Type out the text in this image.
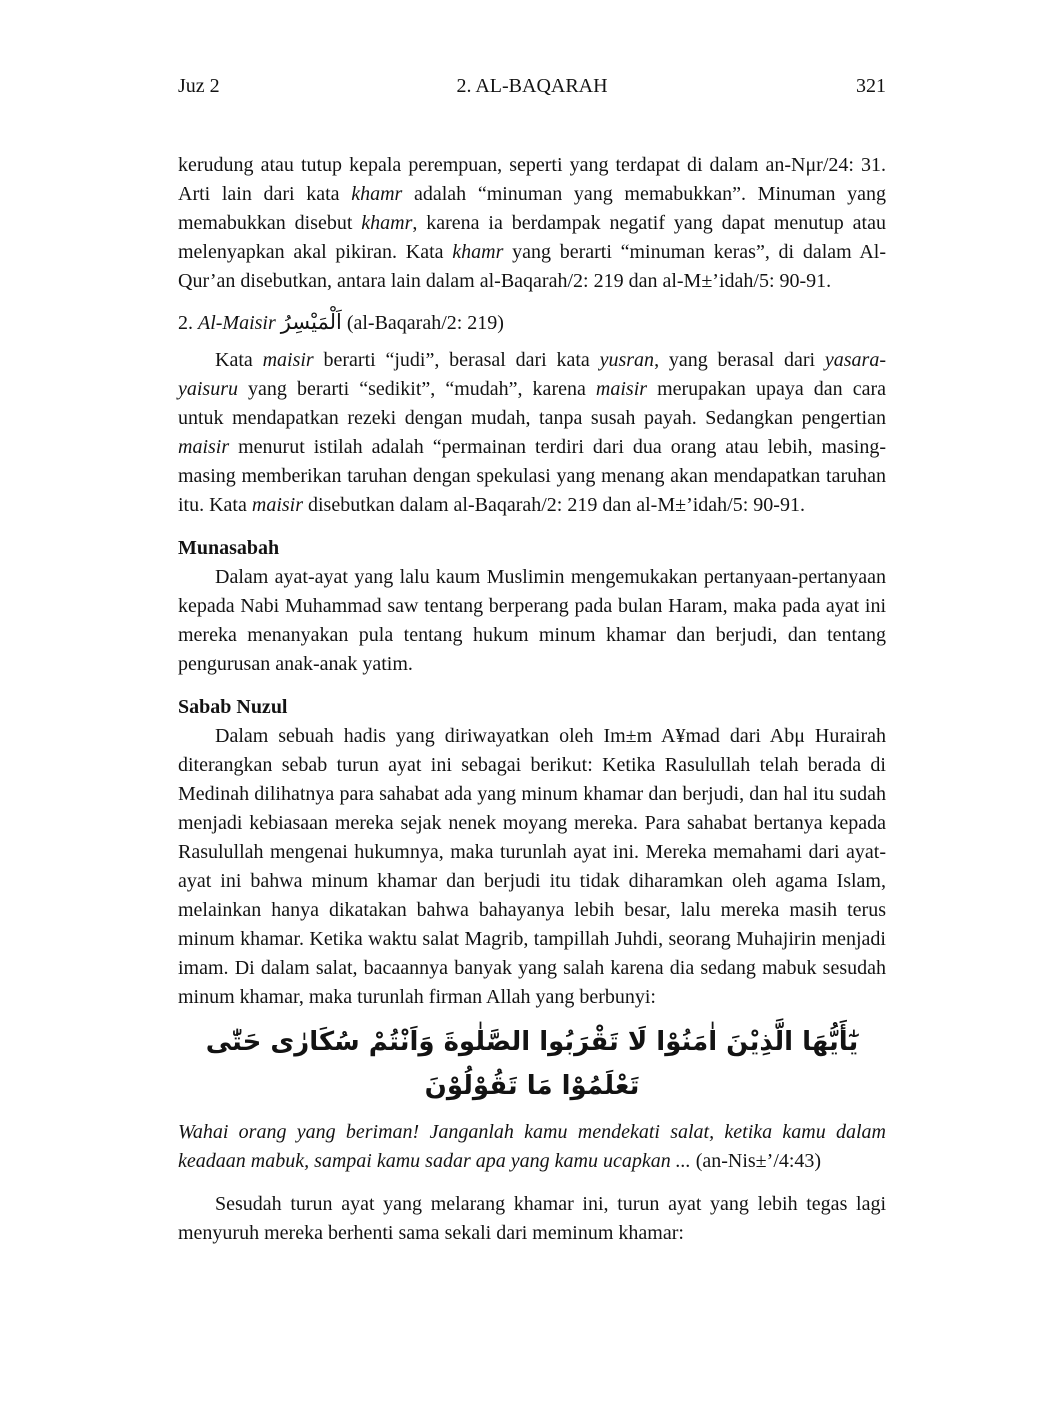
Juz 2	2. AL-BAQARAH	321
kerudung atau tutup kepala perempuan, seperti yang terdapat di dalam an-Nμr/24: 31. Arti lain dari kata khamr adalah “minuman yang memabukkan”. Minuman yang memabukkan disebut khamr, karena ia berdampak negatif yang dapat menutup atau melenyapkan akal pikiran. Kata khamr yang berarti “minuman keras”, di dalam Al-Qur’an disebutkan, antara lain dalam al-Baqarah/2: 219 dan al-M±’idah/5: 90-91.
2. Al-Maisir اَلْمَيْسِرُ (al-Baqarah/2: 219)
Kata maisir berarti “judi”, berasal dari kata yusran, yang berasal dari yasara-yaisuru yang berarti “sedikit”, “mudah”, karena maisir merupakan upaya dan cara untuk mendapatkan rezeki dengan mudah, tanpa susah payah. Sedangkan pengertian maisir menurut istilah adalah “permainan terdiri dari dua orang atau lebih, masing-masing memberikan taruhan dengan spekulasi yang menang akan mendapatkan taruhan itu. Kata maisir disebutkan dalam al-Baqarah/2: 219 dan al-M±’idah/5: 90-91.
Munasabah
Dalam ayat-ayat yang lalu kaum Muslimin mengemukakan pertanyaan-pertanyaan kepada Nabi Muhammad saw tentang berperang pada bulan Haram, maka pada ayat ini mereka menanyakan pula tentang hukum minum khamar dan berjudi, dan tentang pengurusan anak-anak yatim.
Sabab Nuzul
Dalam sebuah hadis yang diriwayatkan oleh Im±m A¥mad dari Abμ Hurairah diterangkan sebab turun ayat ini sebagai berikut: Ketika Rasulullah telah berada di Medinah dilihatnya para sahabat ada yang minum khamar dan berjudi, dan hal itu sudah menjadi kebiasaan mereka sejak nenek moyang mereka. Para sahabat bertanya kepada Rasulullah mengenai hukumnya, maka turunlah ayat ini. Mereka memahami dari ayat-ayat ini bahwa minum khamar dan berjudi itu tidak diharamkan oleh agama Islam, melainkan hanya dikatakan bahwa bahayanya lebih besar, lalu mereka masih terus minum khamar. Ketika waktu salat Magrib, tampillah Juhdi, seorang Muhajirin menjadi imam. Di dalam salat, bacaannya banyak yang salah karena dia sedang mabuk sesudah minum khamar, maka turunlah firman Allah yang berbunyi:
يٰٓأَيُّهَا الَّذِيْنَ اٰمَنُوْا لَا تَقْرَبُوا الصَّلٰوةَ وَاَنْتُمْ سُكَارٰى حَتّٰى تَعْلَمُوْا مَا تَقُوْلُوْنَ
Wahai orang yang beriman! Janganlah kamu mendekati salat, ketika kamu dalam keadaan mabuk, sampai kamu sadar apa yang kamu ucapkan ... (an-Nis±’/4:43)
Sesudah turun ayat yang melarang khamar ini, turun ayat yang lebih tegas lagi menyuruh mereka berhenti sama sekali dari meminum khamar:
